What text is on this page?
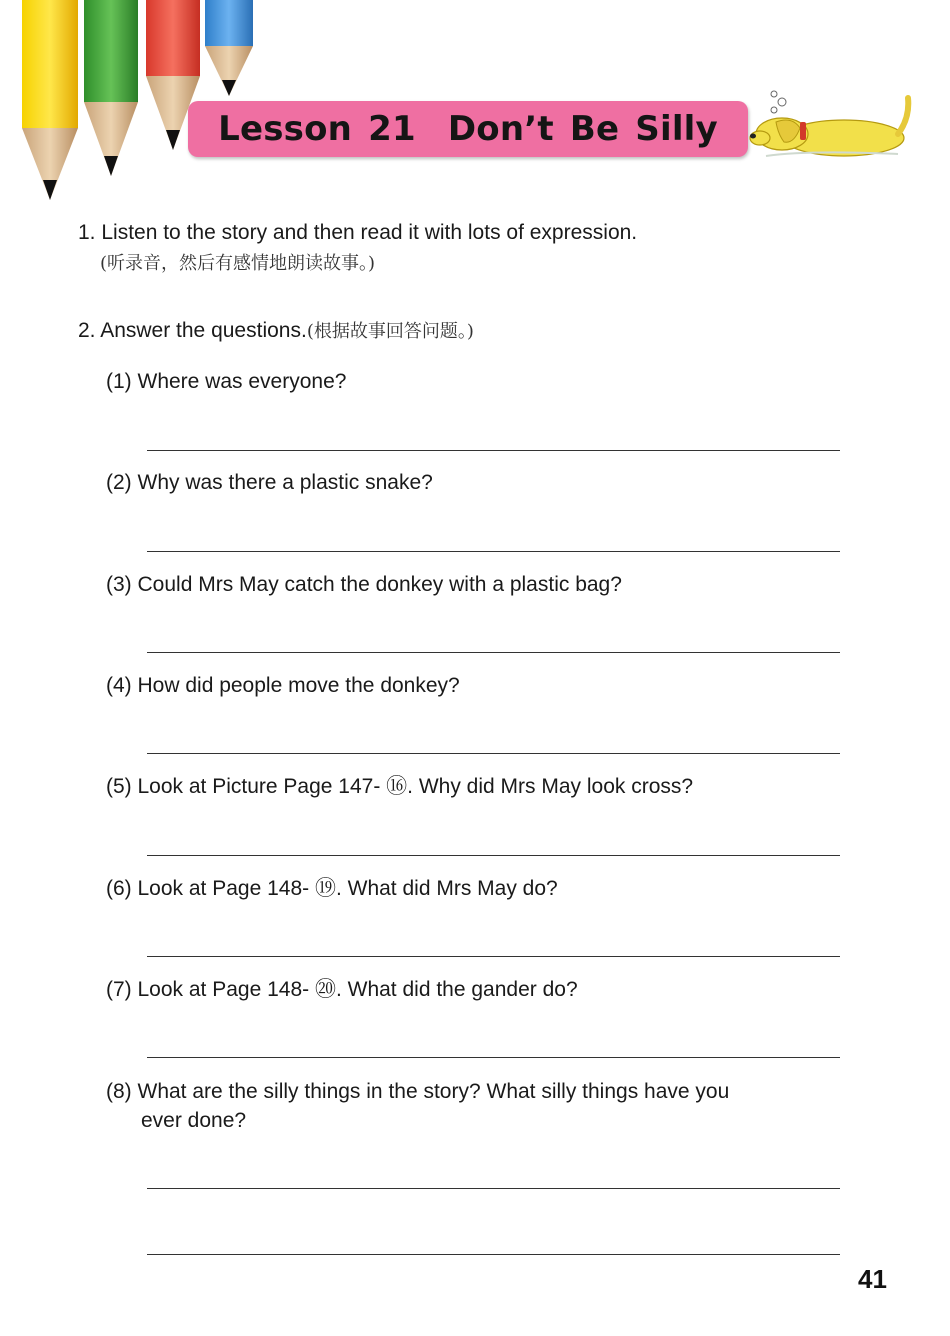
Lesson 21  Don’t Be Silly
1. Listen to the story and then read it with lots of expression.
(听录音，然后有感情地朗读故事。)
2. Answer the questions.(根据故事回答问题。)
(1) Where was everyone?
(2) Why was there a plastic snake?
(3) Could Mrs May catch the donkey with a plastic bag?
(4) How did people move the donkey?
(5) Look at Picture Page 147- ⑯. Why did Mrs May look cross?
(6) Look at Page 148- ⑲. What did Mrs May do?
(7) Look at Page 148- ⑳. What did the gander do?
(8) What are the silly things in the story? What silly things have you
ever done?
41
